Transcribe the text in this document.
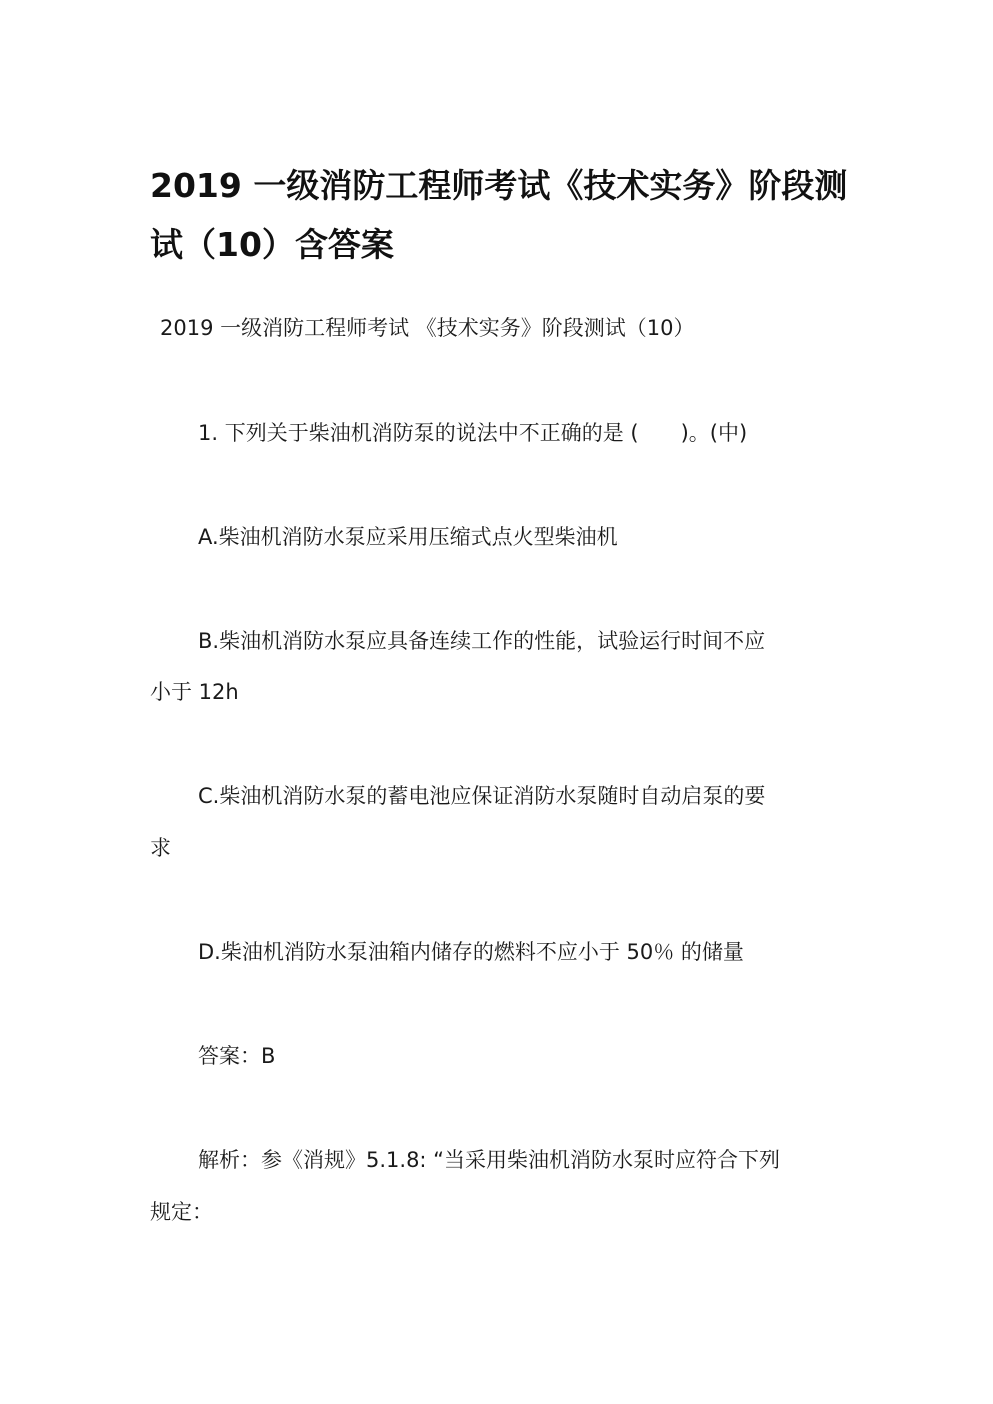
2019 一级消防工程师考试《技术实务》阶段测试（10）含答案

2019 一级消防工程师考试 《技术实务》阶段测试（10）

1. 下列关于柴油机消防泵的说法中不正确的是 (　　)。(中)

A.柴油机消防水泵应采用压缩式点火型柴油机

B.柴油机消防水泵应具备连续工作的性能，试验运行时间不应

小于 12h

C.柴油机消防水泵的蓄电池应保证消防水泵随时自动启泵的要

求

D.柴油机消防水泵油箱内储存的燃料不应小于 50％ 的储量

答案：B

解析：参《消规》5.1.8: “当采用柴油机消防水泵时应符合下列

规定：
